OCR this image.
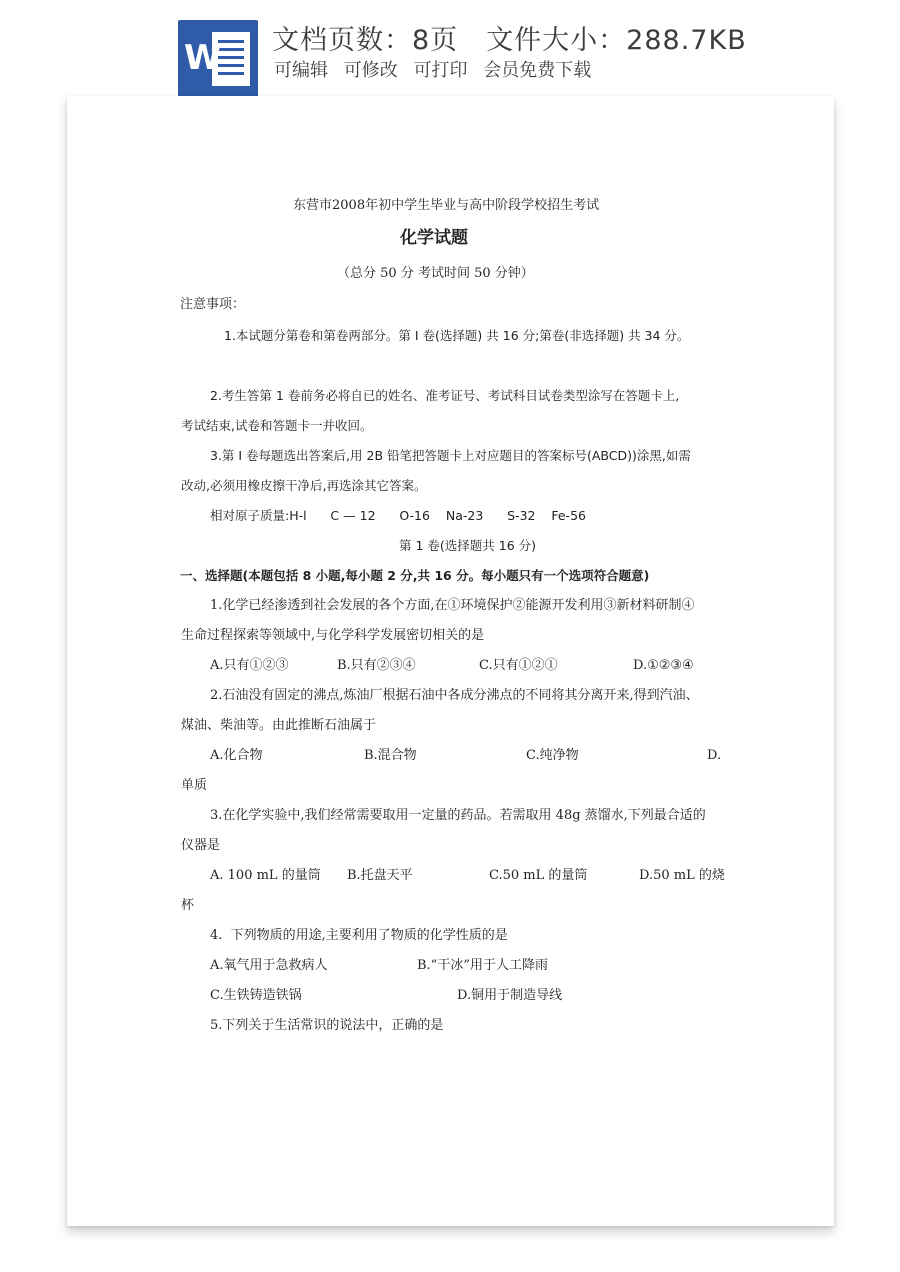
W 文档页数：8页 文件大小：288.7KB
可编辑 可修改 可打印 会员免费下载
东营市2008年初中学生毕业与高中阶段学校招生考试
化学试题
（总分 50 分 考试时间 50 分钟）
注意事项：
1.本试题分第卷和第卷两部分。第 I 卷(选择题) 共 16 分;第卷(非选择题) 共 34 分。
2.考生答第 1 卷前务必将自已的姓名、准考证号、考试科目试卷类型涂写在答题卡上,
考试结束,试卷和答题卡一并收回。
3.第 I 卷每题选出答案后,用 2B 铅笔把答题卡上对应题目的答案标号(ABCD))涂黑,如需
改动,必须用橡皮擦干净后,再选涂其它答案。
相对原子质量:H-l      C — 12      O-16    Na-23      S-32    Fe-56
第 1 卷(选择题共 16 分)
一、选择题(本题包括 8 小题,每小题 2 分,共 16 分。每小题只有一个选项符合题意)
1.化学已经渗透到社会发展的各个方面,在①环境保护②能源开发利用③新材料研制④
生命过程探索等领域中,与化学科学发展密切相关的是
A.只有①②③	B.只有②③④	C.只有①②①	D.①②③④
2.石油没有固定的沸点,炼油厂根据石油中各成分沸点的不同将其分离开来,得到汽油、
煤油、柴油等。由此推断石油属于
A.化合物	B.混合物	C.纯净物	D.
单质
3.在化学实验中,我们经常需要取用一定量的药品。若需取用 48g 蒸馏水,下列最合适的
仪器是
A. 100 mL 的量筒 B.托盘天平	C.50 mL 的量筒	D.50 mL 的烧
杯
4.  下列物质的用途,主要利用了物质的化学性质的是
A.氧气用于急救病人	B.“干冰”用于人工降雨
C.生铁铸造铁锅	D.铜用于制造导线
5.下列关于生活常识的说法中，正确的是
